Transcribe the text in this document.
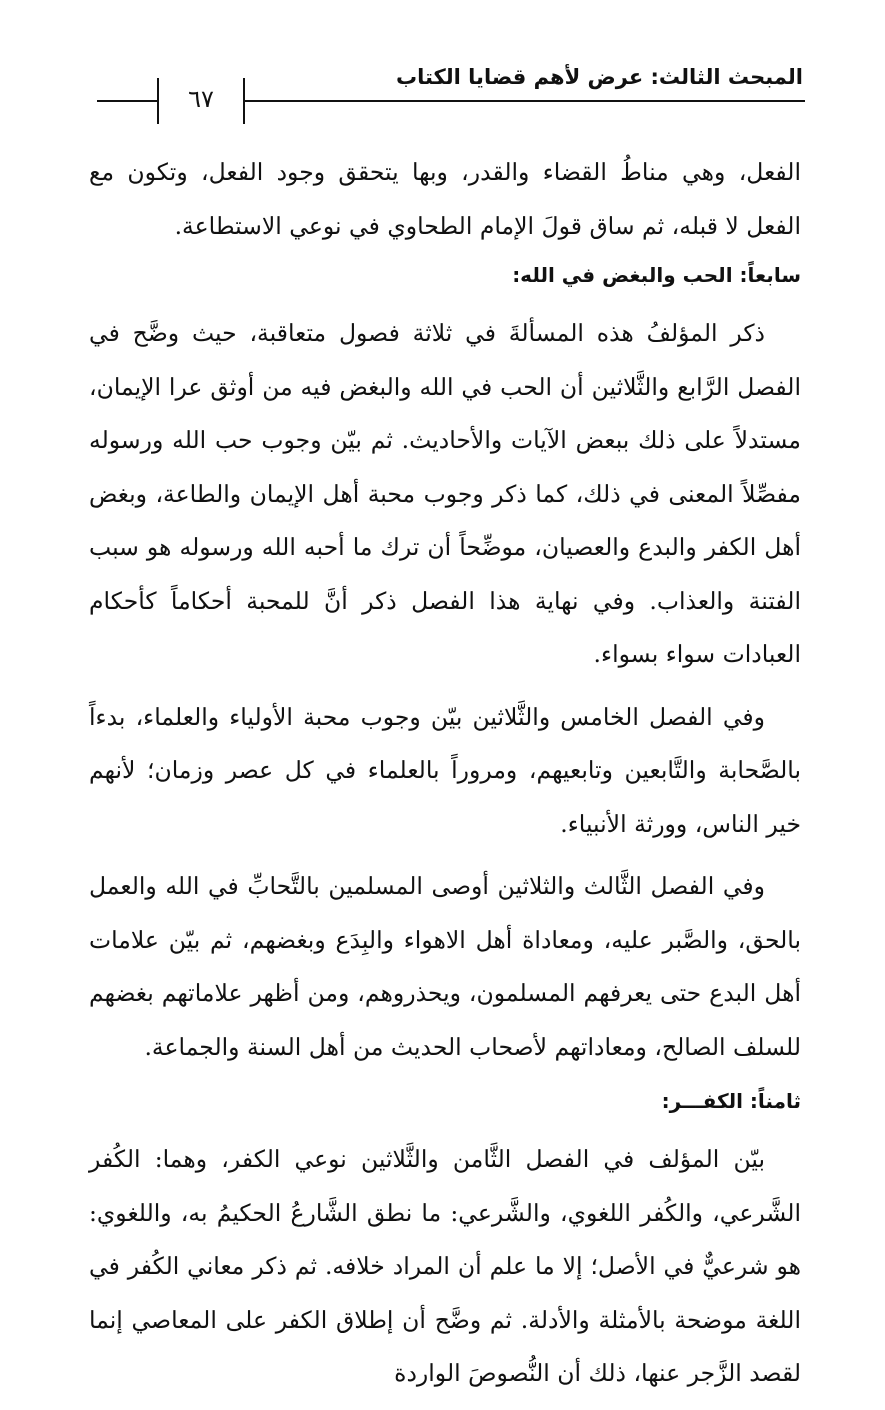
المبحث الثالث: عرض لأهم قضايا الكتاب
٦٧

الفعل، وهي مناطُ القضاء والقدر، وبها يتحقق وجود الفعل، وتكون مع الفعل لا قبله، ثم ساق قولَ الإمام الطحاوي في نوعي الاستطاعة.

سابعاً: الحب والبغض في الله:

ذكر المؤلفُ هذه المسألةَ في ثلاثة فصول متعاقبة، حيث وضَّح في الفصل الرَّابع والثَّلاثين أن الحب في الله والبغض فيه من أوثق عرا الإيمان، مستدلاً على ذلك ببعض الآيات والأحاديث. ثم بيّن وجوب حب الله ورسوله مفصِّلاً المعنى في ذلك، كما ذكر وجوب محبة أهل الإيمان والطاعة، وبغض أهل الكفر والبدع والعصيان، موضِّحاً أن ترك ما أحبه الله ورسوله هو سبب الفتنة والعذاب. وفي نهاية هذا الفصل ذكر أنَّ للمحبة أحكاماً كأحكام العبادات سواء بسواء.

وفي الفصل الخامس والثَّلاثين بيّن وجوب محبة الأولياء والعلماء، بدءاً بالصَّحابة والتَّابعين وتابعيهم، ومروراً بالعلماء في كل عصر وزمان؛ لأنهم خير الناس، وورثة الأنبياء.

وفي الفصل الثَّالث والثلاثين أوصى المسلمين بالتَّحابِّ في الله والعمل بالحق، والصَّبر عليه، ومعاداة أهل الاهواء والبِدَع وبغضهم، ثم بيّن علامات أهل البدع حتى يعرفهم المسلمون، ويحذروهم، ومن أظهر علاماتهم بغضهم للسلف الصالح، ومعاداتهم لأصحاب الحديث من أهل السنة والجماعة.

ثامناً: الكفـــر:

بيّن المؤلف في الفصل الثَّامن والثَّلاثين نوعي الكفر، وهما: الكُفر الشَّرعي، والكُفر اللغوي، والشَّرعي: ما نطق الشَّارعُ الحكيمُ به، واللغوي: هو شرعيٌّ في الأصل؛ إلا ما علم أن المراد خلافه. ثم ذكر معاني الكُفر في اللغة موضحة بالأمثلة والأدلة. ثم وضَّح أن إطلاق الكفر على المعاصي إنما لقصد الزَّجر عنها، ذلك أن النُّصوصَ الواردة
